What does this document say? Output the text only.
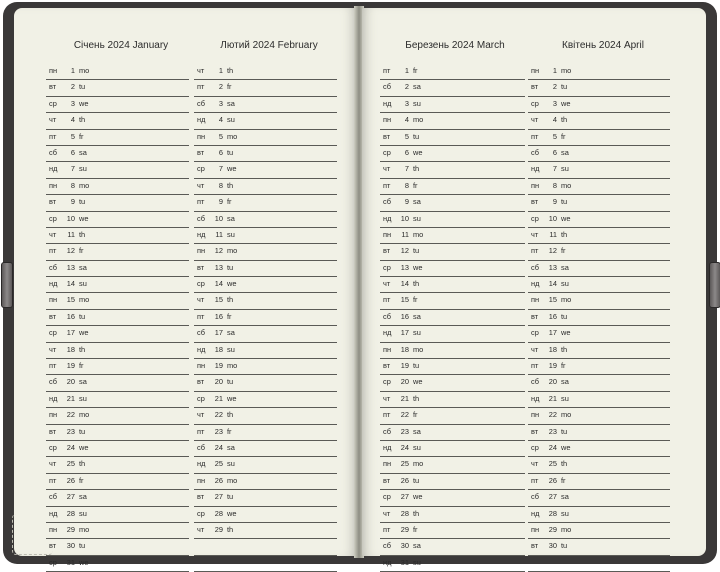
Січень 2024 January
пн	1 mo
вт	2 tu
ср	3 we
чт	4 th
пт	5 fr
сб	6 sa
нд	7 su
пн	8 mo
вт	9 tu
ср	10 we
чт	11 th
пт	12 fr
сб	13 sa
нд	14 su
пн	15 mo
вт	16 tu
ср	17 we
чт	18 th
пт	19 fr
сб	20 sa
нд	21 su
пн	22 mo
вт	23 tu
ср	24 we
чт	25 th
пт	26 fr
сб	27 sa
нд	28 su
пн	29 mo
вт	30 tu
ср	31 we
Лютий 2024 February
чт	1 th
пт	2 fr
сб	3 sa
нд	4 su
пн	5 mo
вт	6 tu
ср	7 we
чт	8 th
пт	9 fr
сб	10 sa
нд	11 su
пн	12 mo
вт	13 tu
ср	14 we
чт	15 th
пт	16 fr
сб	17 sa
нд	18 su
пн	19 mo
вт	20 tu
ср	21 we
чт	22 th
пт	23 fr
сб	24 sa
нд	25 su
пн	26 mo
вт	27 tu
ср	28 we
чт	29 th
Березень 2024 March
пт	1 fr
сб	2 sa
нд	3 su
пн	4 mo
вт	5 tu
ср	6 we
чт	7 th
пт	8 fr
сб	9 sa
нд	10 su
пн	11 mo
вт	12 tu
ср	13 we
чт	14 th
пт	15 fr
сб	16 sa
нд	17 su
пн	18 mo
вт	19 tu
ср	20 we
чт	21 th
пт	22 fr
сб	23 sa
нд	24 su
пн	25 mo
вт	26 tu
ср	27 we
чт	28 th
пт	29 fr
сб	30 sa
нд	31 su
Квітень 2024 April
пн	1 mo
вт	2 tu
ср	3 we
чт	4 th
пт	5 fr
сб	6 sa
нд	7 su
пн	8 mo
вт	9 tu
ср	10 we
чт	11 th
пт	12 fr
сб	13 sa
нд	14 su
пн	15 mo
вт	16 tu
ср	17 we
чт	18 th
пт	19 fr
сб	20 sa
нд	21 su
пн	22 mo
вт	23 tu
ср	24 we
чт	25 th
пт	26 fr
сб	27 sa
нд	28 su
пн	29 mo
вт	30 tu
